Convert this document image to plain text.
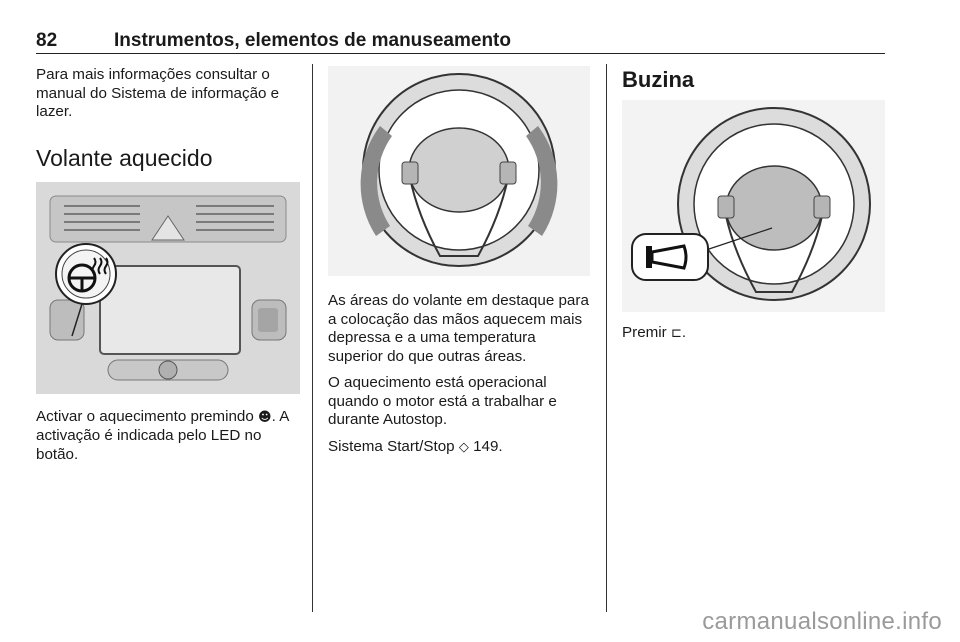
82	Instrumentos, elementos de manuseamento

Para mais informações consultar o manual do Sistema de informação e lazer.

Volante aquecido

Activar o aquecimento premindo ☻. A activação é indicada pelo LED no botão.

As áreas do volante em destaque para a colocação das mãos aquecem mais depressa e a uma temperatura superior do que outras áreas.

O aquecimento está operacional quando o motor está a trabalhar e durante Autostop.

Sistema Start/Stop ◇ 149.

Buzina

Premir ⊏.

carmanualsonline.info
